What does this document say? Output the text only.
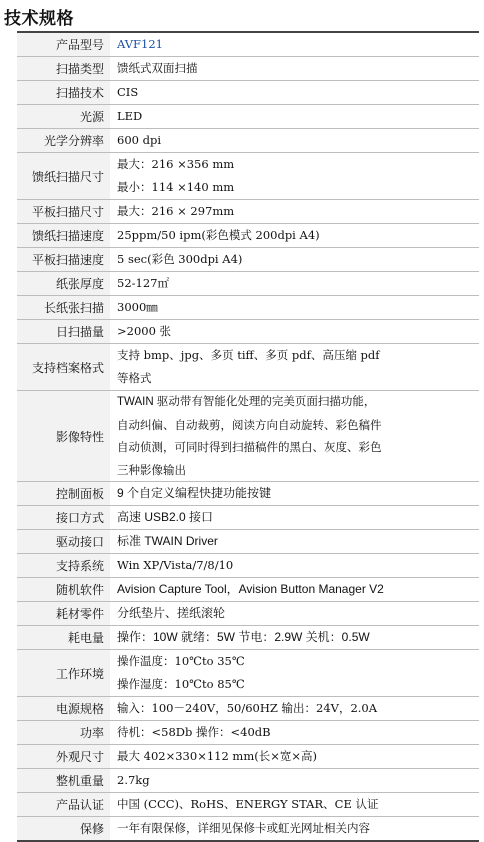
技术规格
产品型号	AVF121

扫描类型	馈纸式双面扫描

扫描技术	CIS

光源	LED

光学分辨率	600 dpi

馈纸扫描尺寸	最大：216 ×356 mm
最小：114 ×140 mm

平板扫描尺寸	最大：216 × 297mm

馈纸扫描速度	25ppm/50 ipm(彩色模式 200dpi A4)

平板扫描速度	5 sec(彩色 300dpi A4)

纸张厚度	52-127㎡

长纸张扫描	3000㎜

日扫描量	>2000 张

支持档案格式	支持 bmp、jpg、多页 tiff、多页 pdf、高压缩 pdf
等格式

影像特性	TWAIN 驱动带有智能化处理的完美页面扫描功能，
自动纠偏、自动裁剪，阅读方向自动旋转、彩色稿件
自动侦测，可同时得到扫描稿件的黑白、灰度、彩色
三种影像输出

控制面板	9 个自定义编程快捷功能按键

接口方式	高速 USB2.0 接口

驱动接口	标准 TWAIN Driver

支持系统	Win XP/Vista/7/8/10

随机软件	Avision Capture Tool，Avision Button Manager V2

耗材零件	分纸垫片、搓纸滚轮

耗电量	操作：10W 就绪：5W 节电：2.9W 关机：0.5W

工作环境	操作温度：10℃to 35℃
操作湿度：10℃to 85℃

电源规格	输入：100－240V，50/60HZ 输出：24V，2.0A

功率	待机：<58Db 操作：<40dB

外观尺寸	最大 402×330×112 mm(长×宽×高)

整机重量	2.7kg

产品认证	中国 (CCC)、RoHS、ENERGY STAR、CE 认证

保修	一年有限保修，详细见保修卡或虹光网址相关内容
